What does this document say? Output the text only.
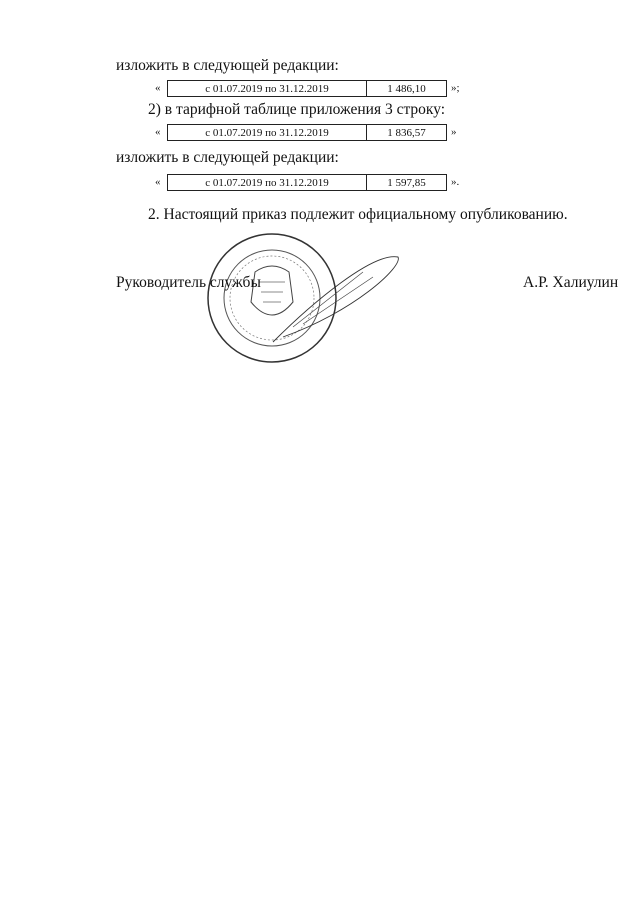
изложить в следующей редакции:
«	с 01.07.2019 по 31.12.2019	1 486,10	»;
2) в тарифной таблице приложения 3 строку:
«	с 01.07.2019 по 31.12.2019	1 836,57	»
изложить в следующей редакции:
«	с 01.07.2019 по 31.12.2019	1 597,85	».
2. Настоящий приказ подлежит официальному опубликованию.
Руководитель службы	А.Р. Халиулин
